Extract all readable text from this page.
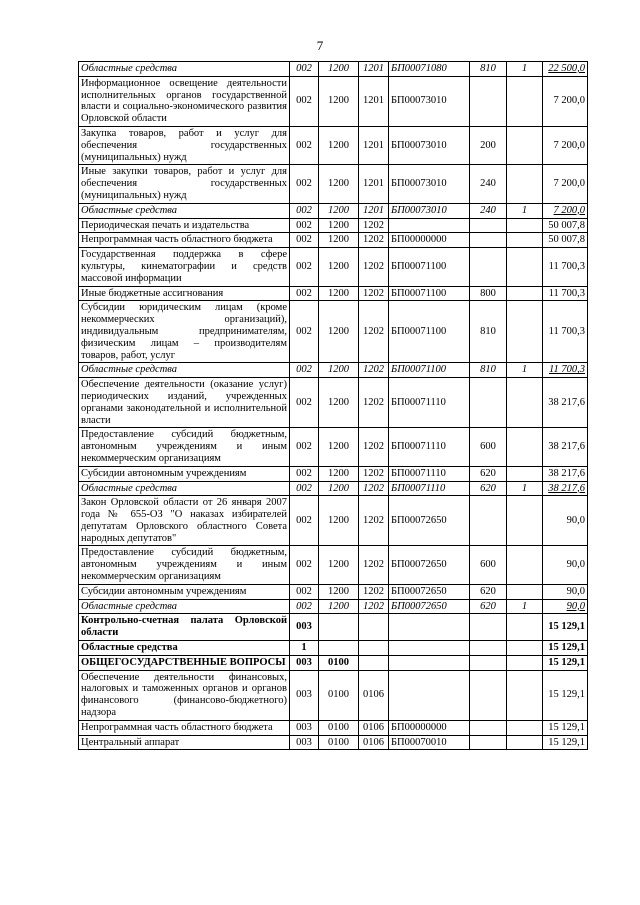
7
Областные средства	002	1200	1201	БП00071080	810	1	22 500,0
Информационное освещение деятельности исполнительных органов государственной власти и социально-экономического развития Орловской области	002	1200	1201	БП00073010			7 200,0
Закупка товаров, работ и услуг для обеспечения государственных (муниципальных) нужд	002	1200	1201	БП00073010	200		7 200,0
Иные закупки товаров, работ и услуг для обеспечения государственных (муниципальных) нужд	002	1200	1201	БП00073010	240		7 200,0
Областные средства	002	1200	1201	БП00073010	240	1	7 200,0
Периодическая печать и издательства	002	1200	1202				50 007,8
Непрограммная часть областного бюджета	002	1200	1202	БП00000000			50 007,8
Государственная поддержка в сфере культуры, кинематографии и средств массовой информации	002	1200	1202	БП00071100			11 700,3
Иные бюджетные ассигнования	002	1200	1202	БП00071100	800		11 700,3
Субсидии юридическим лицам (кроме некоммерческих организаций), индивидуальным предпринимателям, физическим лицам – производителям товаров, работ, услуг	002	1200	1202	БП00071100	810		11 700,3
Областные средства	002	1200	1202	БП00071100	810	1	11 700,3
Обеспечение деятельности (оказание услуг) периодических изданий, учрежденных органами законодательной и исполнительной власти	002	1200	1202	БП00071110			38 217,6
Предоставление субсидий бюджетным, автономным учреждениям и иным некоммерческим организациям	002	1200	1202	БП00071110	600		38 217,6
Субсидии автономным учреждениям	002	1200	1202	БП00071110	620		38 217,6
Областные средства	002	1200	1202	БП00071110	620	1	38 217,6
Закон Орловской области от 26 января 2007 года № 655-ОЗ "О наказах избирателей депутатам Орловского областного Совета народных депутатов"	002	1200	1202	БП00072650			90,0
Предоставление субсидий бюджетным, автономным учреждениям и иным некоммерческим организациям	002	1200	1202	БП00072650	600		90,0
Субсидии автономным учреждениям	002	1200	1202	БП00072650	620		90,0
Областные средства	002	1200	1202	БП00072650	620	1	90,0
Контрольно-счетная палата Орловской области	003						15 129,1
Областные средства	1						15 129,1
ОБЩЕГОСУДАРСТВЕННЫЕ ВОПРОСЫ	003	0100					15 129,1
Обеспечение деятельности финансовых, налоговых и таможенных органов и органов финансового (финансово-бюджетного) надзора	003	0100	0106				15 129,1
Непрограммная часть областного бюджета	003	0100	0106	БП00000000			15 129,1
Центральный аппарат	003	0100	0106	БП00070010			15 129,1
